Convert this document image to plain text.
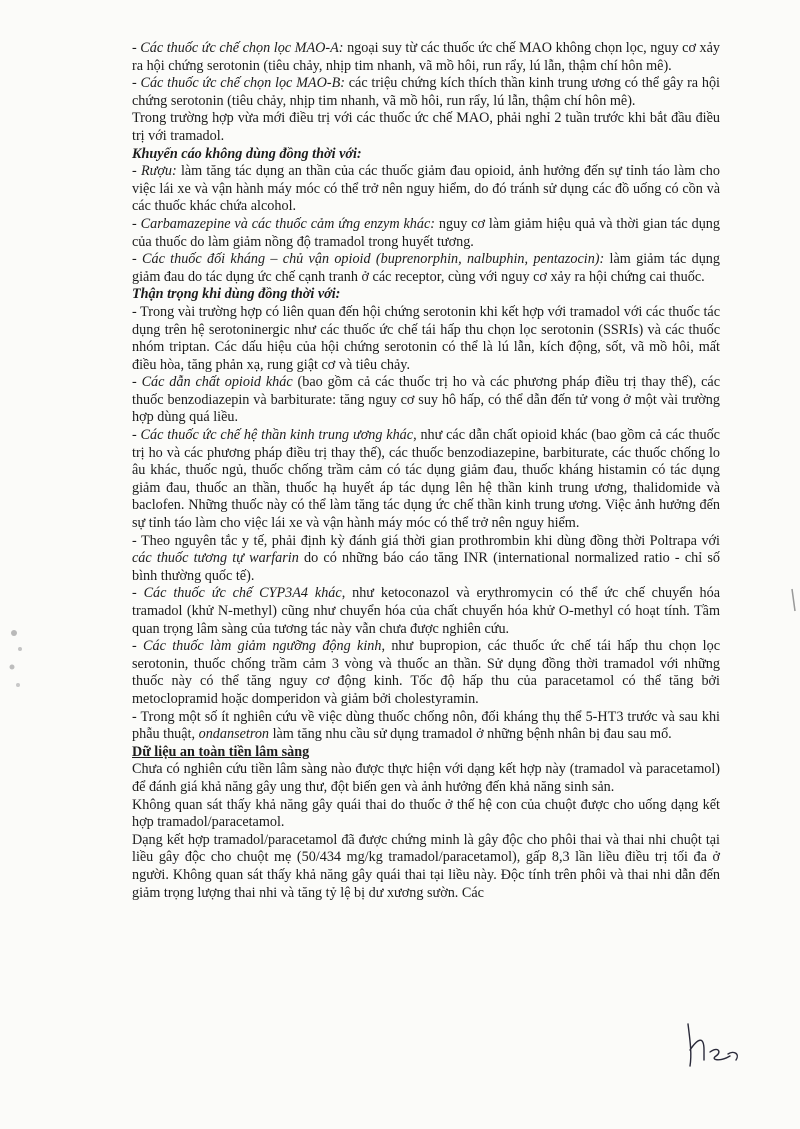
- Các thuốc ức chế chọn lọc MAO-A: ngoại suy từ các thuốc ức chế MAO không chọn lọc, nguy cơ xảy ra hội chứng serotonin (tiêu chảy, nhịp tim nhanh, vã mồ hôi, run rẩy, lú lẫn, thậm chí hôn mê).

- Các thuốc ức chế chọn lọc MAO-B: các triệu chứng kích thích thần kinh trung ương có thể gây ra hội chứng serotonin (tiêu chảy, nhịp tim nhanh, vã mồ hôi, run rẩy, lú lẫn, thậm chí hôn mê).

Trong trường hợp vừa mới điều trị với các thuốc ức chế MAO, phải nghỉ 2 tuần trước khi bắt đầu điều trị với tramadol.

Khuyến cáo không dùng đồng thời với:

- Rượu: làm tăng tác dụng an thần của các thuốc giảm đau opioid, ảnh hưởng đến sự tỉnh táo làm cho việc lái xe và vận hành máy móc có thể trở nên nguy hiểm, do đó tránh sử dụng các đồ uống có cồn và các thuốc khác chứa alcohol.

- Carbamazepine và các thuốc cảm ứng enzym khác: nguy cơ làm giảm hiệu quả và thời gian tác dụng của thuốc do làm giảm nồng độ tramadol trong huyết tương.

- Các thuốc đối kháng – chủ vận opioid (buprenorphin, nalbuphin, pentazocin): làm giảm tác dụng giảm đau do tác dụng ức chế cạnh tranh ở các receptor, cùng với nguy cơ xảy ra hội chứng cai thuốc.

Thận trọng khi dùng đồng thời với:

- Trong vài trường hợp có liên quan đến hội chứng serotonin khi kết hợp với tramadol với các thuốc tác dụng trên hệ serotoninergic như các thuốc ức chế tái hấp thu chọn lọc serotonin (SSRIs) và các thuốc nhóm triptan. Các dấu hiệu của hội chứng serotonin có thể là lú lẫn, kích động, sốt, vã mồ hôi, mất điều hòa, tăng phản xạ, rung giật cơ và tiêu chảy.

- Các dẫn chất opioid khác (bao gồm cả các thuốc trị ho và các phương pháp điều trị thay thế), các thuốc benzodiazepin và barbiturate: tăng nguy cơ suy hô hấp, có thể dẫn đến tử vong ở một vài trường hợp dùng quá liều.

- Các thuốc ức chế hệ thần kinh trung ương khác, như các dẫn chất opioid khác (bao gồm cả các thuốc trị ho và các phương pháp điều trị thay thế), các thuốc benzodiazepine, barbiturate, các thuốc chống lo âu khác, thuốc ngủ, thuốc chống trầm cảm có tác dụng giảm đau, thuốc kháng histamin có tác dụng giảm đau, thuốc an thần, thuốc hạ huyết áp tác dụng lên hệ thần kinh trung ương, thalidomide và baclofen. Những thuốc này có thể làm tăng tác dụng ức chế thần kinh trung ương. Việc ảnh hưởng đến sự tỉnh táo làm cho việc lái xe và vận hành máy móc có thể trở nên nguy hiểm.

- Theo nguyên tắc y tế, phải định kỳ đánh giá thời gian prothrombin khi dùng đồng thời Poltrapa với các thuốc tương tự warfarin do có những báo cáo tăng INR (international normalized ratio - chỉ số bình thường quốc tế).

- Các thuốc ức chế CYP3A4 khác, như ketoconazol và erythromycin có thể ức chế chuyển hóa tramadol (khử N-methyl) cũng như chuyển hóa của chất chuyển hóa khử O-methyl có hoạt tính. Tầm quan trọng lâm sàng của tương tác này vẫn chưa được nghiên cứu.

- Các thuốc làm giảm ngưỡng động kinh, như bupropion, các thuốc ức chế tái hấp thu chọn lọc serotonin, thuốc chống trầm cảm 3 vòng và thuốc an thần. Sử dụng đồng thời tramadol với những thuốc này có thể tăng nguy cơ động kinh. Tốc độ hấp thu của paracetamol có thể tăng bởi metoclopramid hoặc domperidon và giảm bởi cholestyramin.

- Trong một số ít nghiên cứu về việc dùng thuốc chống nôn, đối kháng thụ thể 5-HT3 trước và sau khi phẫu thuật, ondansetron làm tăng nhu cầu sử dụng tramadol ở những bệnh nhân bị đau sau mổ.

Dữ liệu an toàn tiền lâm sàng

Chưa có nghiên cứu tiền lâm sàng nào được thực hiện với dạng kết hợp này (tramadol và paracetamol) để đánh giá khả năng gây ung thư, đột biến gen và ảnh hưởng đến khả năng sinh sản.

Không quan sát thấy khả năng gây quái thai do thuốc ở thế hệ con của chuột được cho uống dạng kết hợp tramadol/paracetamol.

Dạng kết hợp tramadol/paracetamol đã được chứng minh là gây độc cho phôi thai và thai nhi chuột tại liều gây độc cho chuột mẹ (50/434 mg/kg tramadol/paracetamol), gấp 8,3 lần liều điều trị tối đa ở người. Không quan sát thấy khả năng gây quái thai tại liều này. Độc tính trên phôi và thai nhi dẫn đến giảm trọng lượng thai nhi và tăng tỷ lệ bị dư xương sườn. Các
